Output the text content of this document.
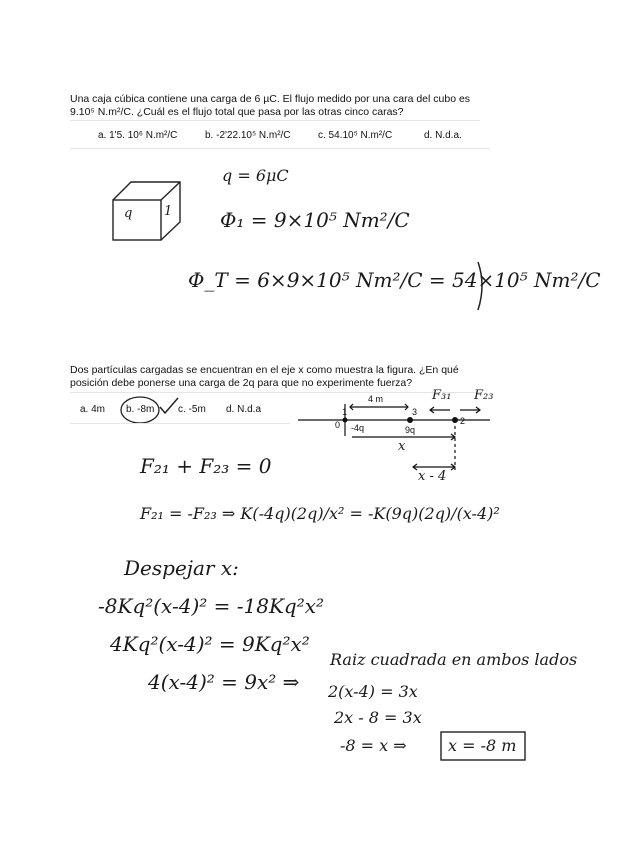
Una caja cúbica contiene una carga de 6 µC. El flujo medido por una cara del cubo es
9.10⁵ N.m²/C. ¿Cuál es el flujo total que pasa por las otras cinco caras?
a. 1'5. 10⁶ N.m²/C	b. -2'22.10⁵ N.m²/C	c. 54.10⁵ N.m²/C	d. N.d.a.
q 1
q = 6μC
Φ₁ = 9×10⁵ Nm²/C
Φ_T = 6×9×10⁵ Nm²/C = 54×10⁵ Nm²/C
Dos partículas cargadas se encuentran en el eje x como muestra la figura. ¿En qué
posición debe ponerse una carga de 2q para que no experimente fuerza?
a. 4m b. -8m c. -5m d. N.d.a
4 m
0 -4q	9q
1	3
2
F₃₁ F₂₃
x
x - 4
F₂₁ + F₂₃ = 0
F₂₁ = -F₂₃ ⇒ K(-4q)(2q)/x² = -K(9q)(2q)/(x-4)²
Despejar x:
-8Kq²(x-4)² = -18Kq²x²
4Kq²(x-4)² = 9Kq²x²
4(x-4)² = 9x² ⇒
Raiz cuadrada en ambos lados
2(x-4) = 3x
2x - 8 = 3x
-8 = x ⇒	x = -8 m
